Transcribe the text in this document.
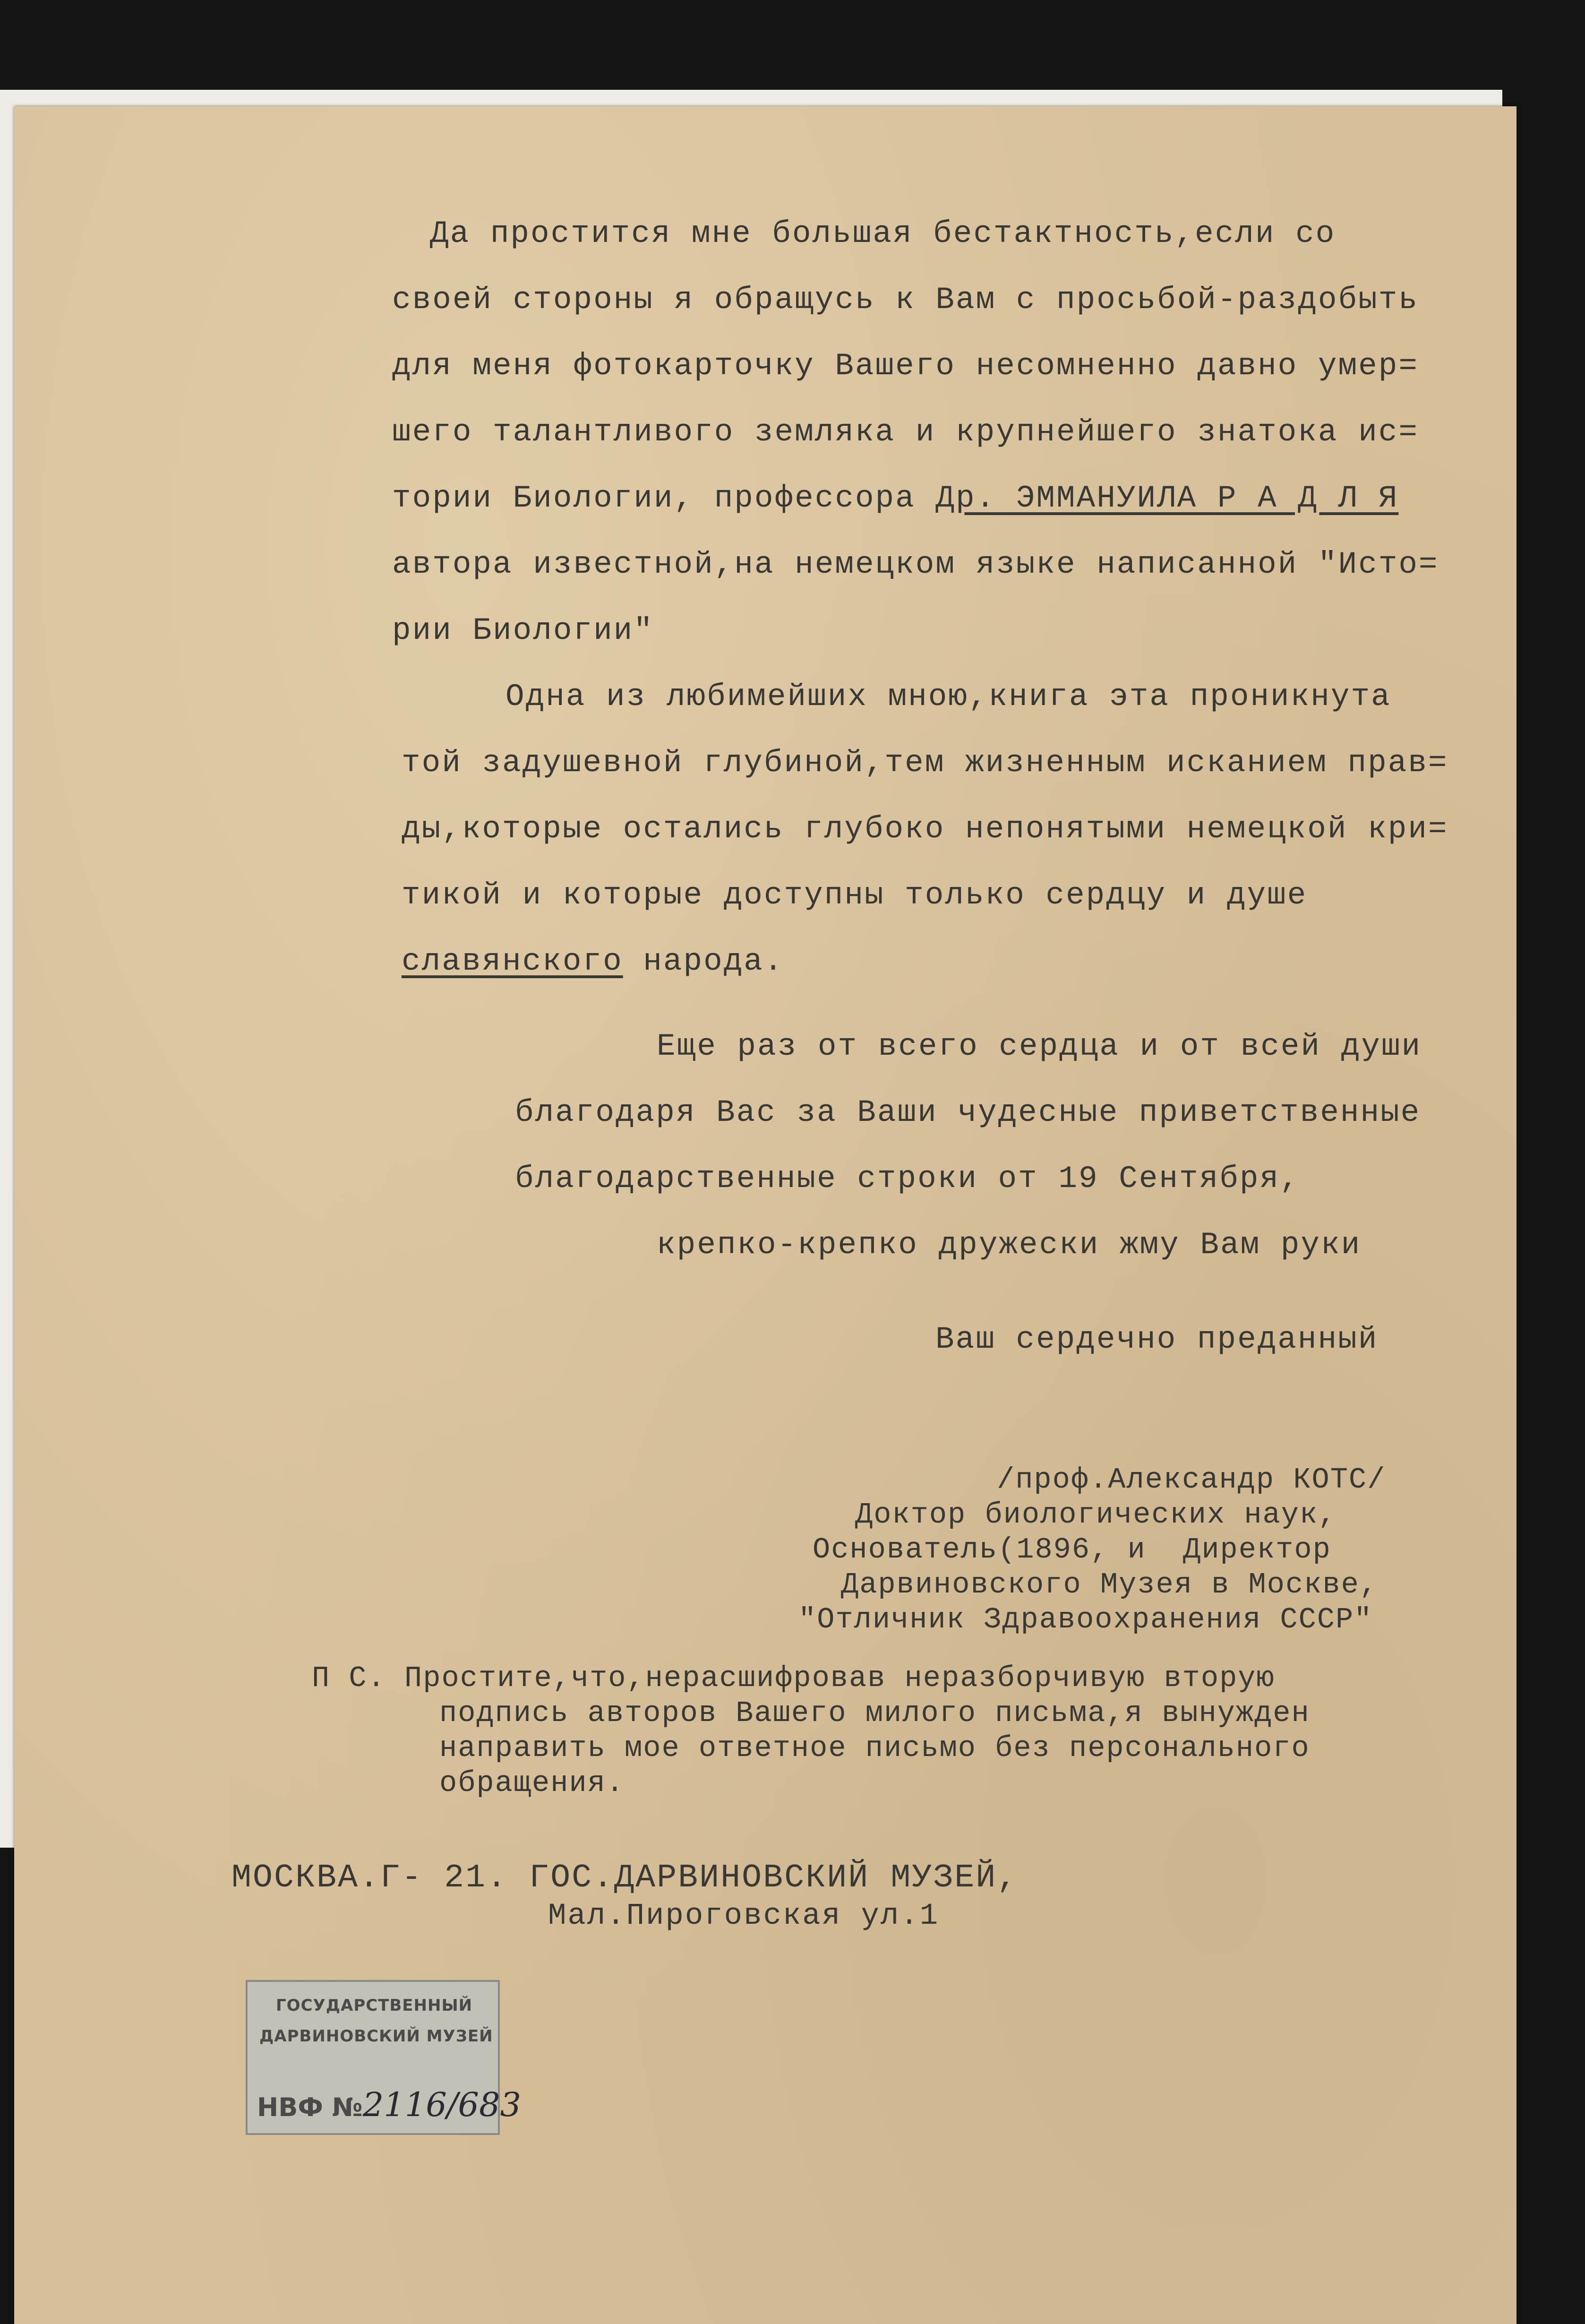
Да простится мне большая бестактность,если со

своей стороны я обращусь к Вам с просьбой-раздобыть

для меня фотокарточку Вашего несомненно давно умер=

шего талантливого земляка и крупнейшего знатока ис=

тории Биологии, профессора Др. ЭММАНУИЛА Р А Д Л Я

автора известной,на немецком языке написанной "Исто=

рии Биологии"

Одна из любимейших мною,книга эта проникнута

той задушевной глубиной,тем жизненным исканием прав=

ды,которые остались глубоко непонятыми немецкой кри=

тикой и которые доступны только сердцу и душе

славянского народа.

Еще раз от всего сердца и от всей души

благодаря Вас за Ваши чудесные приветственные

благодарственные строки от 19 Сентября,

крепко-крепко дружески жму Вам руки

Ваш сердечно преданный

/проф.Александр КОТС/

Доктор биологических наук,

Основатель(1896, и  Директор

Дарвиновского Музея в Москве,

"Отличник Здравоохранения СССР"

П С. Простите,что,нерасшифровав неразборчивую вторую

подпись авторов Вашего милого письма,я вынужден

направить мое ответное письмо без персонального

обращения.

МОСКВА.Г- 21. ГОС.ДАРВИНОВСКИЙ МУЗЕЙ,

Мал.Пироговская ул.1

ГОСУДАРСТВЕННЫЙ

ДАРВИНОВСКИЙ МУЗЕЙ

НВФ №2116/683
